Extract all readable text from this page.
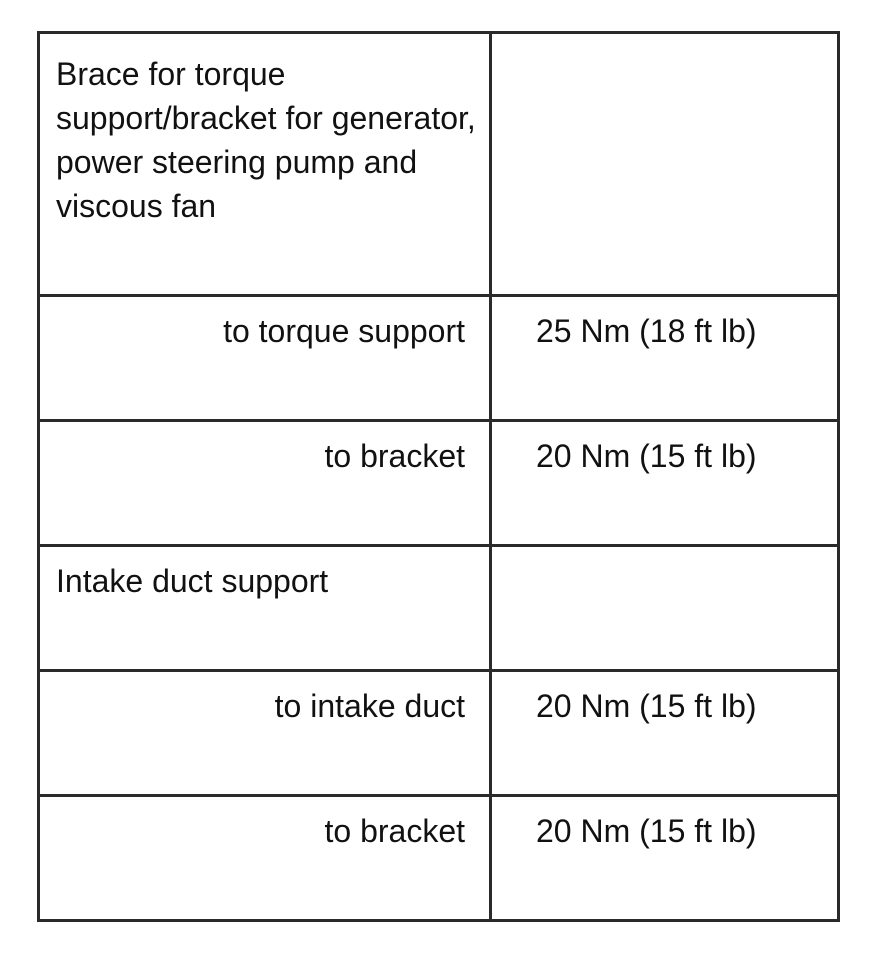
Brace for torque support/bracket for generator, power steering pump and viscous fan	
to torque support	25 Nm (18 ft lb)
to bracket	20 Nm (15 ft lb)
Intake duct support	
to intake duct	20 Nm (15 ft lb)
to bracket	20 Nm (15 ft lb)
